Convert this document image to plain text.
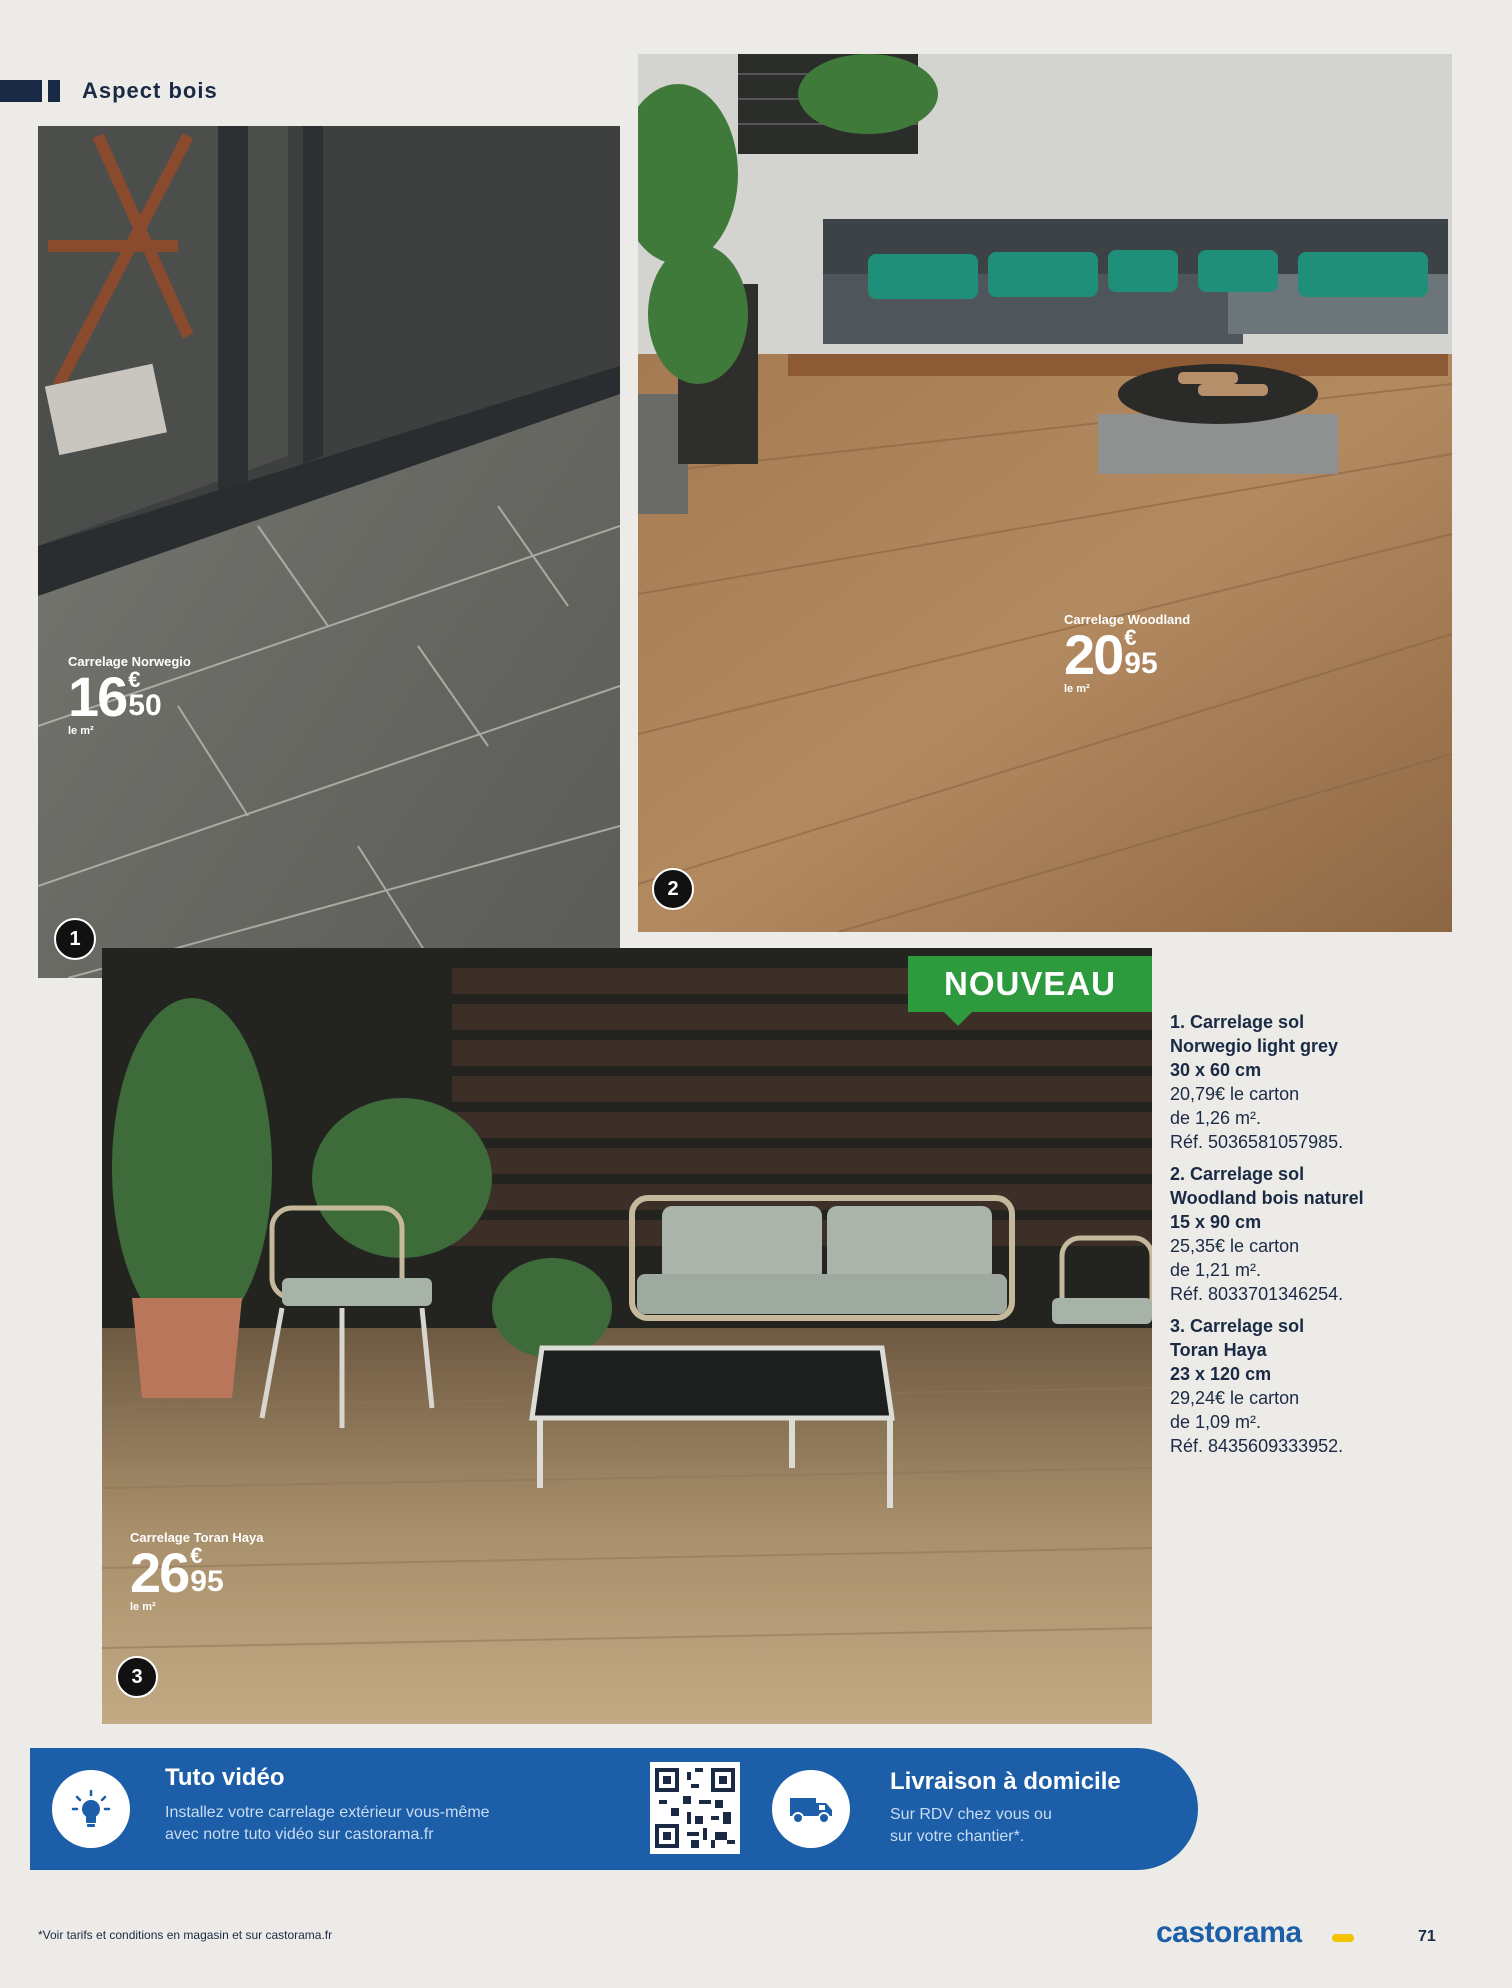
Aspect bois
Carrelage Norwegio
16 €
50
le m²
1
Carrelage Woodland
20 €
95
le m²
2
Carrelage Toran Haya
26 €
95
le m²
3
NOUVEAU
1. Carrelage sol
Norwegio light grey
30 x 60 cm
20,79€ le carton
de 1,26 m².
Réf. 5036581057985.
2. Carrelage sol
Woodland bois naturel
15 x 90 cm
25,35€ le carton
de 1,21 m².
Réf. 8033701346254.
3. Carrelage sol
Toran Haya
23 x 120 cm
29,24€ le carton
de 1,09 m².
Réf. 8435609333952.
Tuto vidéo

Installez votre carrelage extérieur vous-même

avec notre tuto vidéo sur castorama.fr

Livraison à domicile

Sur RDV chez vous ou

sur votre chantier*.

*Voir tarifs et conditions en magasin et sur castorama.fr	castorama	71
